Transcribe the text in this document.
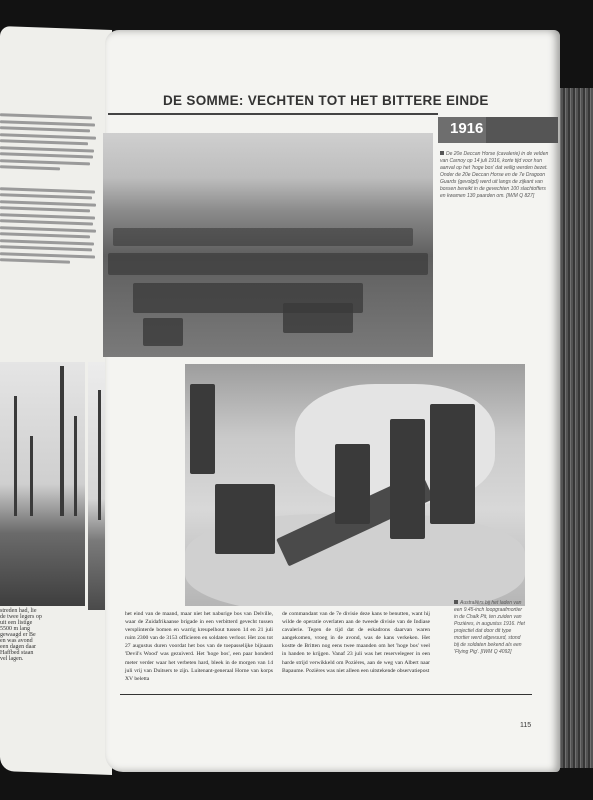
streden had, lie
de twee legers op
uit een listige
5500 m lang
gewaagd er Be
en was avond
een dagen daar
Haffbed staan
vel lagen.
DE SOMME: VECHTEN TOT HET BITTERE EINDE
1916
De 20e Deccan Horse (cavalerie) in de velden van Carnoy op 14 juli 1916, korte tijd voor hun aanval op het 'hoge bos' dat veilig werden bezet. Onder de 20e Deccan Horse en de 7e Dragoon Guards (gevolgd) werd uit langs de zijkant van bossen bereikt in de gevechten 100 slachtoffers en kwamen 130 paarden om. [IWM Q 827]
Australiërs bij het laden van een 9.45-inch loopgraafmortier in de Chalk Pit, ten zuiden van Pozières, in augustus 1916. Het projectiel dat door dit type mortier werd afgevuurd, stond bij de soldaten bekend als een 'Flying Pig'. [IWM Q 4092]
het eind van de maand, maar niet het naburige bos van Delville, waar de Zuidafrikaanse brigade in een verbitterd gevecht tussen versplinterde bomen en warrig kreupelhout tussen 14 en 21 juli ruim 2300 van de 3153 officieren en soldaten verloor. Het zou tot 27 augustus duren voordat het bos van de toepasselijke bijnaam 'Devil's Wood' was gezuiverd. Het 'hoge bos', een paar honderd meter verder waar het verbeten hard, bleek in de morgen van 14 juli vrij van Duitsers te zijn. Luitenant-generaal Horne van korps XV beletta
de commandant van de 7e divisie deze kans te benutten, want hij wilde de operatie overlaten aan de tweede divisie van de Indiase cavalerie. Tegen de tijd dat de eskadrons daarvan waren aangekomen, vroeg in de avond, was de kans verkeken. Het kostte de Britten nog eens twee maanden om het 'hoge bos' veel in handen te krijgen. Vanaf 23 juli was het reservelegeer in een harde strijd verwikkeld om Pozières, aan de weg van Albert naar Bapaume. Pozières was niet alleen een uitstekende observatiepost
115
